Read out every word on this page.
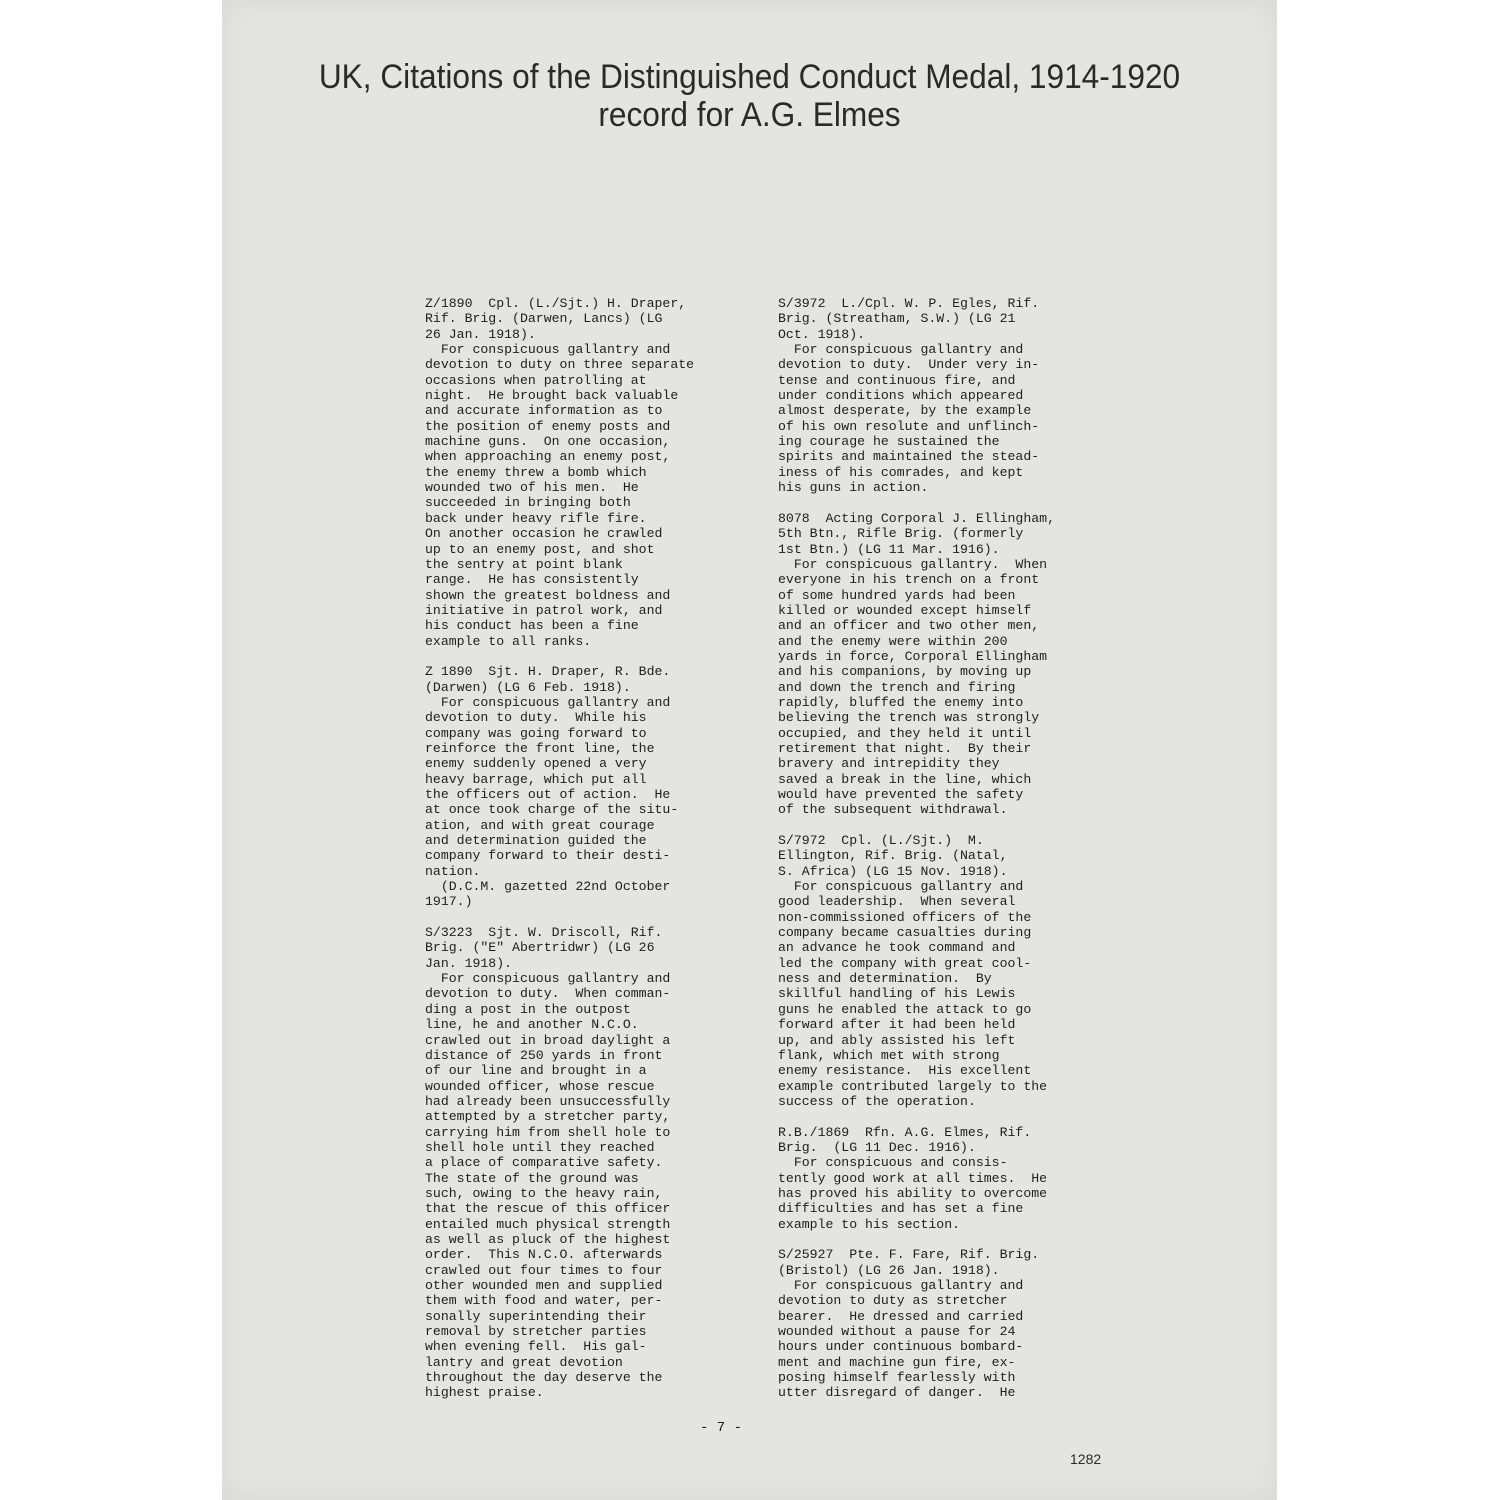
UK, Citations of the Distinguished Conduct Medal, 1914-1920
record for A.G. Elmes
Z/1890  Cpl. (L./Sjt.) H. Draper,
Rif. Brig. (Darwen, Lancs) (LG
26 Jan. 1918).
For conspicuous gallantry and
devotion to duty on three separate
occasions when patrolling at
night.  He brought back valuable
and accurate information as to
the position of enemy posts and
machine guns.  On one occasion,
when approaching an enemy post,
the enemy threw a bomb which
wounded two of his men.  He
succeeded in bringing both
back under heavy rifle fire.
On another occasion he crawled
up to an enemy post, and shot
the sentry at point blank
range.  He has consistently
shown the greatest boldness and
initiative in patrol work, and
his conduct has been a fine
example to all ranks.
Z 1890  Sjt. H. Draper, R. Bde.
(Darwen) (LG 6 Feb. 1918).
For conspicuous gallantry and
devotion to duty.  While his
company was going forward to
reinforce the front line, the
enemy suddenly opened a very
heavy barrage, which put all
the officers out of action.  He
at once took charge of the situ-
ation, and with great courage
and determination guided the
company forward to their desti-
nation.
(D.C.M. gazetted 22nd October
1917.)
S/3223  Sjt. W. Driscoll, Rif.
Brig. ("E" Abertridwr) (LG 26
Jan. 1918).
For conspicuous gallantry and
devotion to duty.  When comman-
ding a post in the outpost
line, he and another N.C.O.
crawled out in broad daylight a
distance of 250 yards in front
of our line and brought in a
wounded officer, whose rescue
had already been unsuccessfully
attempted by a stretcher party,
carrying him from shell hole to
shell hole until they reached
a place of comparative safety.
The state of the ground was
such, owing to the heavy rain,
that the rescue of this officer
entailed much physical strength
as well as pluck of the highest
order.  This N.C.O. afterwards
crawled out four times to four
other wounded men and supplied
them with food and water, per-
sonally superintending their
removal by stretcher parties
when evening fell.  His gal-
lantry and great devotion
throughout the day deserve the
highest praise.
S/3972  L./Cpl. W. P. Egles, Rif.
Brig. (Streatham, S.W.) (LG 21
Oct. 1918).
For conspicuous gallantry and
devotion to duty.  Under very in-
tense and continuous fire, and
under conditions which appeared
almost desperate, by the example
of his own resolute and unflinch-
ing courage he sustained the
spirits and maintained the stead-
iness of his comrades, and kept
his guns in action.
8078  Acting Corporal J. Ellingham,
5th Btn., Rifle Brig. (formerly
1st Btn.) (LG 11 Mar. 1916).
For conspicuous gallantry.  When
everyone in his trench on a front
of some hundred yards had been
killed or wounded except himself
and an officer and two other men,
and the enemy were within 200
yards in force, Corporal Ellingham
and his companions, by moving up
and down the trench and firing
rapidly, bluffed the enemy into
believing the trench was strongly
occupied, and they held it until
retirement that night.  By their
bravery and intrepidity they
saved a break in the line, which
would have prevented the safety
of the subsequent withdrawal.
S/7972  Cpl. (L./Sjt.)  M.
Ellington, Rif. Brig. (Natal,
S. Africa) (LG 15 Nov. 1918).
For conspicuous gallantry and
good leadership.  When several
non-commissioned officers of the
company became casualties during
an advance he took command and
led the company with great cool-
ness and determination.  By
skillful handling of his Lewis
guns he enabled the attack to go
forward after it had been held
up, and ably assisted his left
flank, which met with strong
enemy resistance.  His excellent
example contributed largely to the
success of the operation.
R.B./1869  Rfn. A.G. Elmes, Rif.
Brig.  (LG 11 Dec. 1916).
For conspicuous and consis-
tently good work at all times.  He
has proved his ability to overcome
difficulties and has set a fine
example to his section.
S/25927  Pte. F. Fare, Rif. Brig.
(Bristol) (LG 26 Jan. 1918).
For conspicuous gallantry and
devotion to duty as stretcher
bearer.  He dressed and carried
wounded without a pause for 24
hours under continuous bombard-
ment and machine gun fire, ex-
posing himself fearlessly with
utter disregard of danger.  He
- 7 -
1282
